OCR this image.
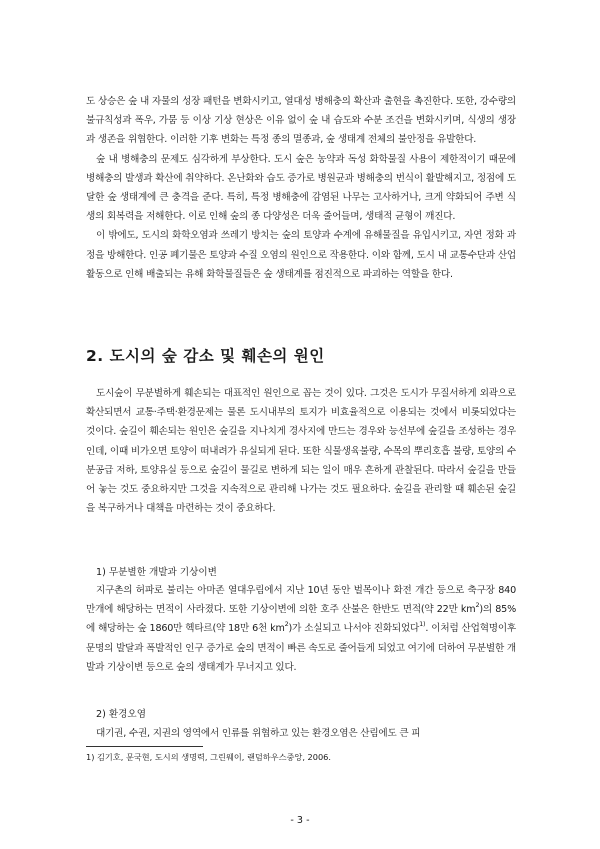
도 상승은 숲 내 자물의 성장 패턴을 변화시키고, 열대성 병해충의 확산과 출현을 촉진한다. 또한, 강수량의 불규칙성과 폭우, 가뭄 등 이상 기상 현상은 이유 없이 숲 내 습도와 수분 조건을 변화시키며, 식생의 생장과 생존을 위협한다. 이러한 기후 변화는 특정 종의 멸종과, 숲 생태계 전체의 불안정을 유발한다.

숲 내 병해충의 문제도 심각하게 부상한다. 도시 숲은 농약과 독성 화학물질 사용이 제한적이기 때문에 병해충의 발생과 확산에 취약하다. 온난화와 습도 증가로 병원균과 병해충의 번식이 활발해지고, 정점에 도달한 숲 생태계에 큰 충격을 준다. 특히, 특정 병해충에 감염된 나무는 고사하거나, 크게 약화되어 주변 식생의 회복력을 저해한다. 이로 인해 숲의 종 다양성은 더욱 줄어들며, 생태적 균형이 깨진다.

이 밖에도, 도시의 화학오염과 쓰레기 방치는 숲의 토양과 수계에 유해물질을 유입시키고, 자연 정화 과정을 방해한다. 인공 폐기물은 토양과 수질 오염의 원인으로 작용한다. 이와 함께, 도시 내 교통수단과 산업 활동으로 인해 배출되는 유해 화학물질들은 숲 생태계를 점진적으로 파괴하는 역할을 한다.

2. 도시의 숲 감소 및 훼손의 원인

도시숲이 무분별하게 훼손되는 대표적인 원인으로 꼽는 것이 있다. 그것은 도시가 무질서하게 외곽으로 확산되면서 교통·주택·환경문제는 물론 도시내부의 토지가 비효율적으로 이용되는 것에서 비롯되었다는 것이다. 숲길이 훼손되는 원인은 숲길을 지나치게 경사지에 만드는 경우와 능선부에 숲길을 조성하는 경우인데, 이때 비가오면 토양이 떠내려가 유실되게 된다. 또한 식물생육불량, 수목의 뿌리호흡 불량, 토양의 수분공급 저하, 토양유실 등으로 숲길이 물길로 변하게 되는 일이 매우 흔하게 관찰된다. 따라서 숲길을 만들어 놓는 것도 중요하지만 그것을 지속적으로 관리해 나가는 것도 필요하다. 숲길을 관리할 때 훼손된 숲길을 복구하거나 대책을 마련하는 것이 중요하다.

1) 무분별한 개발과 기상이변

지구촌의 허파로 불리는 아마존 열대우림에서 지난 10년 동안 벌목이나 화전 개간 등으로 축구장 840만개에 해당하는 면적이 사라졌다. 또한 기상이변에 의한 호주 산불은 한반도 면적(약 22만 $km^2$)의 85%에 해당하는 숲 1860만 헥타르(약 18만 6천 $km^2$)가 소실되고 나서야 진화되었다$^{1)}$. 이처럼 산업혁명이후 문명의 발달과 폭발적인 인구 증가로 숲의 면적이 빠른 속도로 줄어들게 되었고 여기에 더하여 무분별한 개발과 기상이변 등으로 숲의 생태계가 무너지고 있다.

2) 환경오염

대기권, 수권, 지권의 영역에서 인류를 위협하고 있는 환경오염은 산림에도 큰 피

1) 김기호, 문국현, 도시의 생명력, 그린웨이, 랜덤하우스중앙, 2006.
- 3 -
